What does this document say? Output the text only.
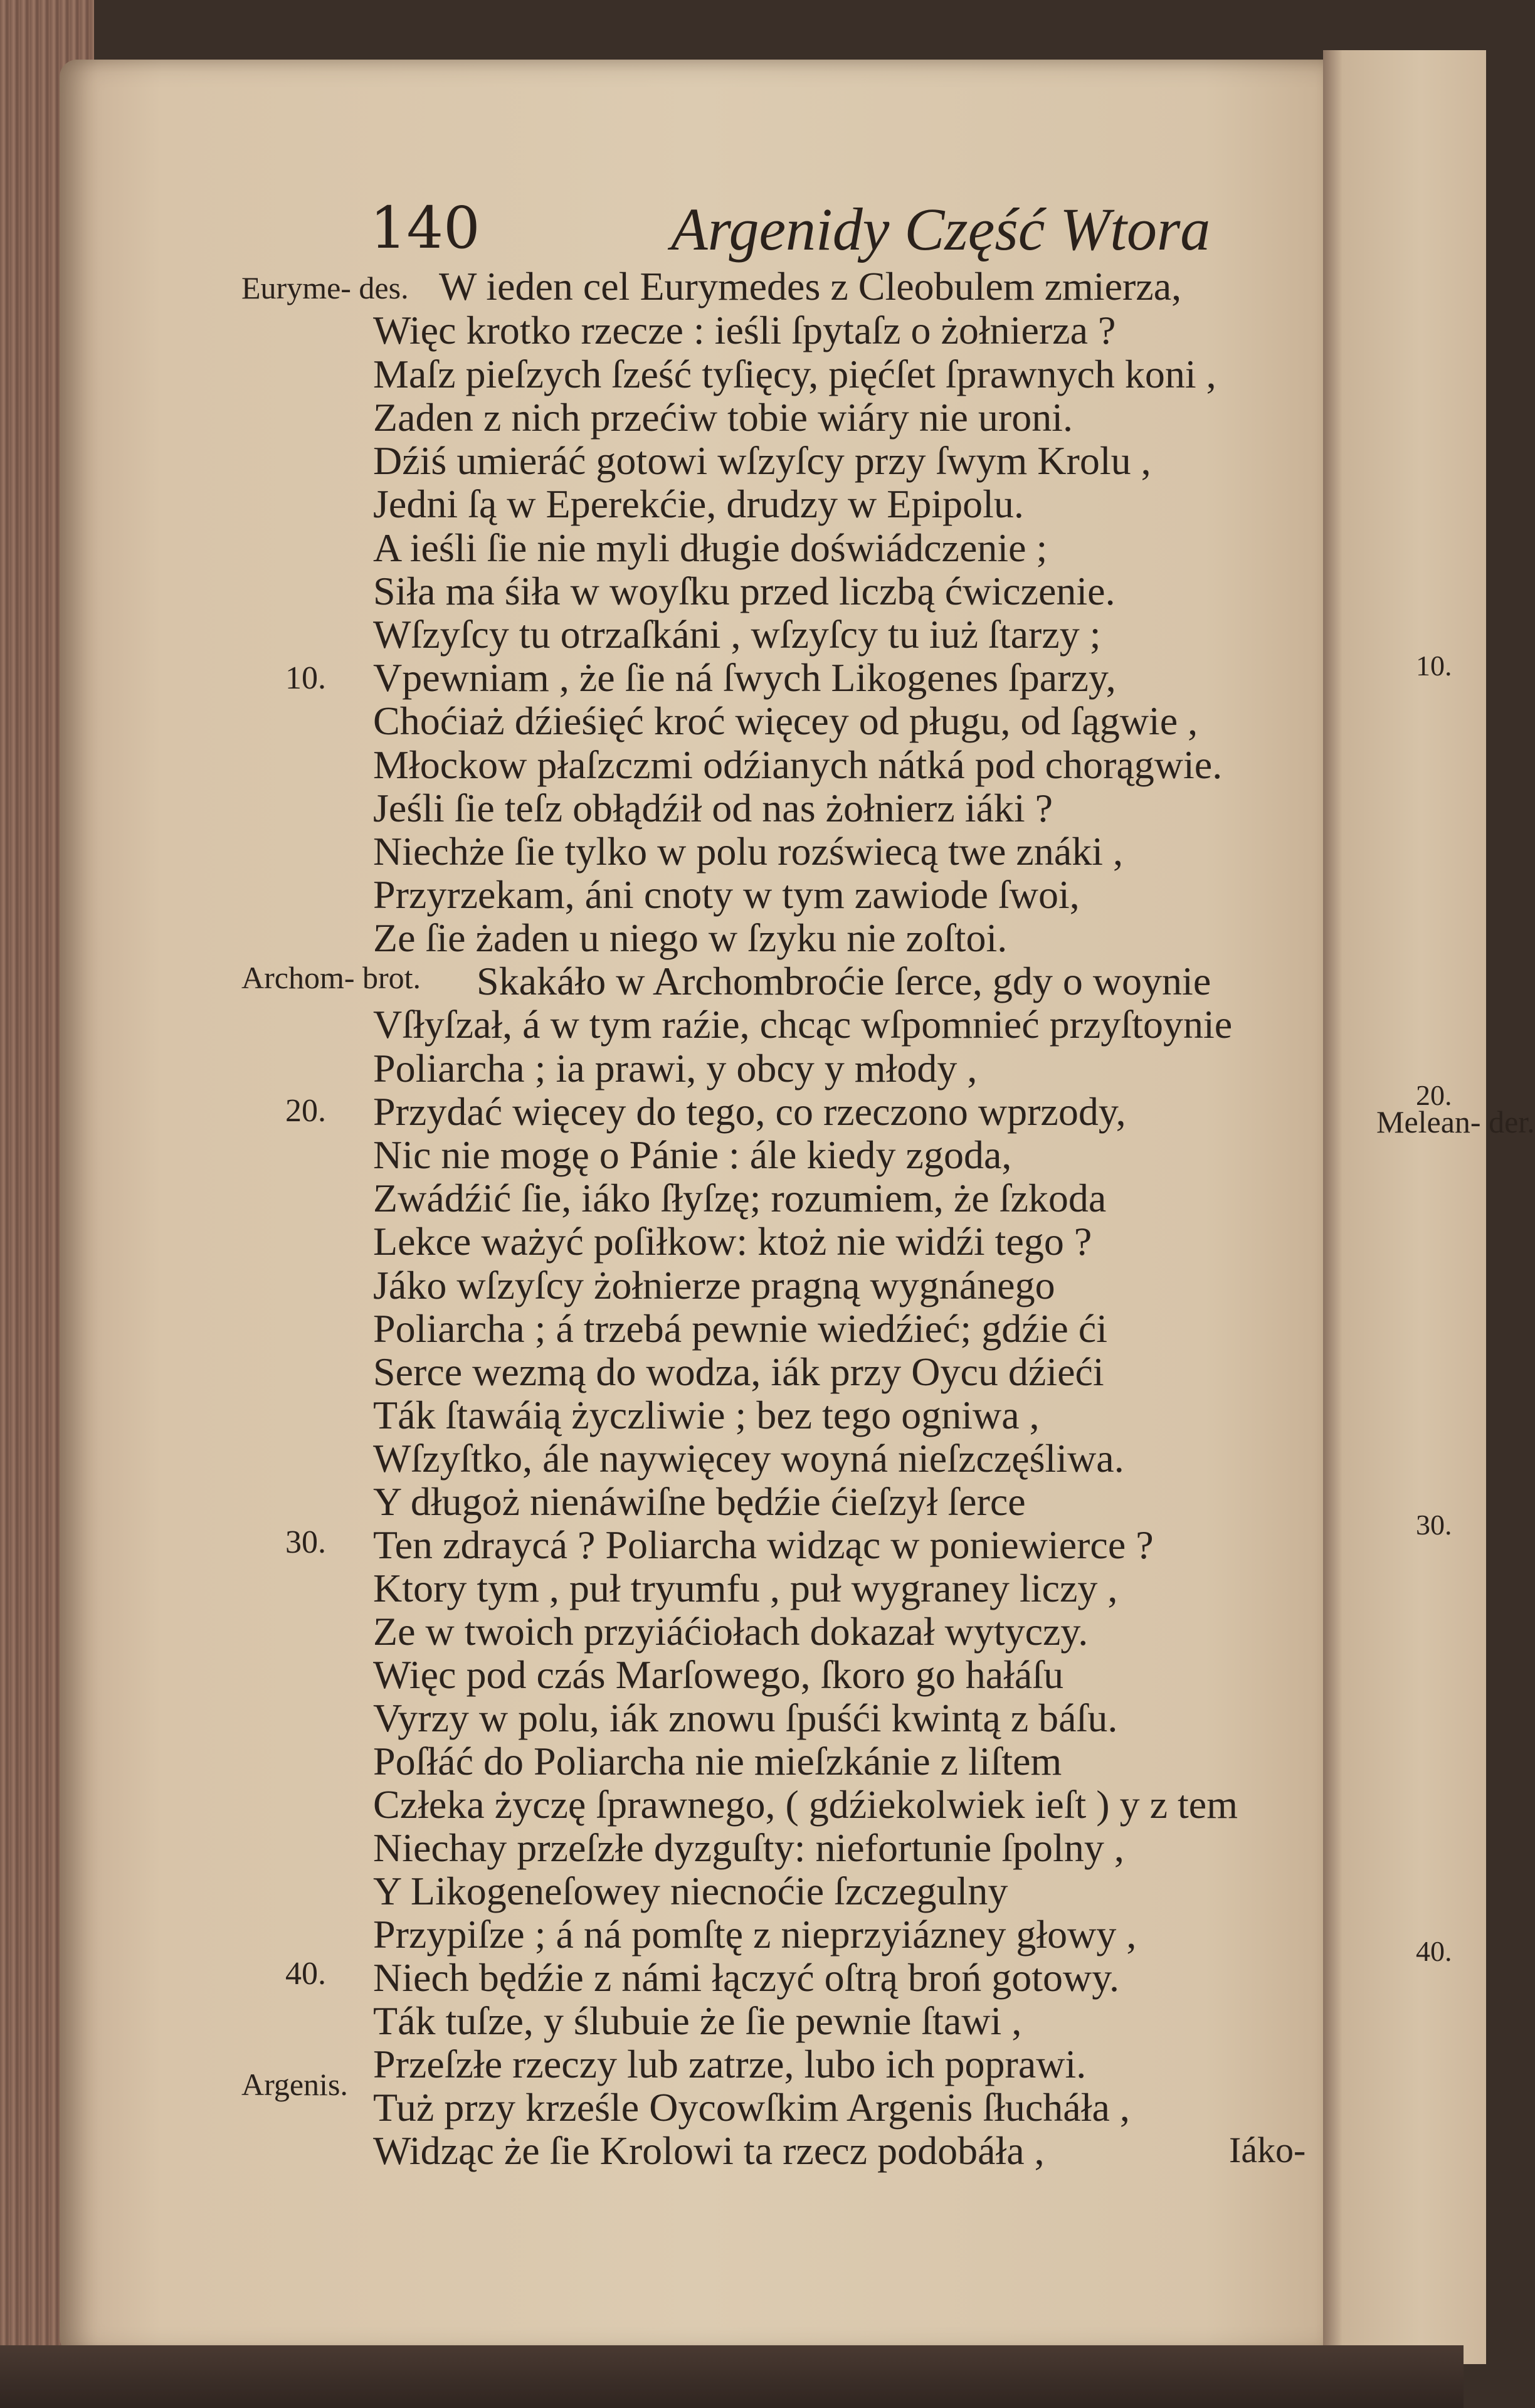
140	Argenidy Część Wtora
Euryme- des.
Archom- brot.
Argenis.
10.
20.
30.
40.
W ieden cel Eurymedes z Cleobulem zmierza,
Więc krotko rzecze : ieśli ſpytaſz o żołnierza ?
Maſz pieſzych ſześć tyſięcy, pięćſet ſprawnych koni ,
Zaden z nich przećiw tobie wiáry nie uroni.
Dźiś umieráć gotowi wſzyſcy przy ſwym Krolu ,
Jedni ſą w Eperekćie, drudzy w Epipolu.
A ieśli ſie nie myli długie doświádczenie ;
Siła ma śiła w woyſku przed liczbą ćwiczenie.
Wſzyſcy tu otrzaſkáni , wſzyſcy tu iuż ſtarzy ;
Vpewniam , że ſie ná ſwych Likogenes ſparzy,
Choćiaż dźieśięć kroć więcey od pługu, od ſągwie ,
Młockow płaſzczmi odźianych nátká pod chorągwie.
Jeśli ſie teſz obłądźił od nas żołnierz iáki ?
Niechże ſie tylko w polu rozświecą twe znáki ,
Przyrzekam, áni cnoty w tym zawiode ſwoi,
Ze ſie żaden u niego w ſzyku nie zoſtoi.
Skakáło w Archombroćie ſerce, gdy o woynie
Vſłyſzał, á w tym raźie, chcąc wſpomnieć przyſtoynie
Poliarcha ; ia prawi, y obcy y młody ,
Przydać więcey do tego, co rzeczono wprzody,
Nic nie mogę o Pánie : ále kiedy zgoda,
Zwádźić ſie, iáko ſłyſzę; rozumiem, że ſzkoda
Lekce ważyć poſiłkow: ktoż nie widźi tego ?
Jáko wſzyſcy żołnierze pragną wygnánego
Poliarcha ; á trzebá pewnie wiedźieć; gdźie ći
Serce wezmą do wodza, iák przy Oycu dźieći
Ták ſtawáią życzliwie ; bez tego ogniwa ,
Wſzyſtko, ále naywięcey woyná nieſzczęśliwa.
Y długoż nienáwiſne będźie ćieſzył ſerce
Ten zdraycá ? Poliarcha widząc w poniewierce ?
Ktory tym , puł tryumfu , puł wygraney liczy ,
Ze w twoich przyiáćiołach dokazał wytyczy.
Więc pod czás Marſowego, ſkoro go hałáſu
Vyrzy w polu, iák znowu ſpuśći kwintą z báſu.
Poſłáć do Poliarcha nie mieſzkánie z liſtem
Człeka życzę ſprawnego, ( gdźiekolwiek ieſt ) y z tem
Niechay przeſzłe dyzguſty: niefortunie ſpolny ,
Y Likogeneſowey niecnoćie ſzczegulny
Przypiſze ; á ná pomſtę z nieprzyiázney głowy ,
Niech będźie z námi łączyć oſtrą broń gotowy.
Ták tuſze, y ślubuie że ſie pewnie ſtawi ,
Przeſzłe rzeczy lub zatrze, lubo ich poprawi.
Tuż przy krześle Oycowſkim Argenis ſłucháła ,
Widząc że ſie Krolowi ta rzecz podobáła ,	Iáko-
10.
20.
Melean- der.
30.
40.
